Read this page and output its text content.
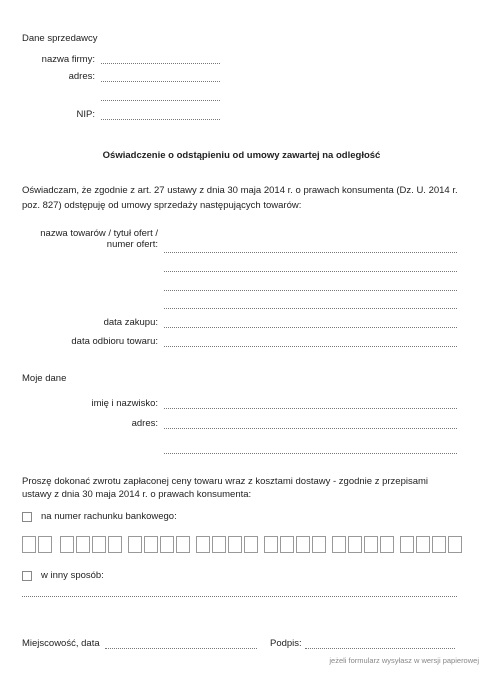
Dane sprzedawcy
nazwa firmy:
adres:
NIP:
Oświadczenie o odstąpieniu od umowy zawartej na odległość
Oświadczam, że zgodnie z art. 27 ustawy z dnia 30 maja 2014 r. o prawach konsumenta (Dz. U. 2014 r.
poz. 827) odstępuję od umowy sprzedaży następujących towarów:
nazwa towarów / tytuł ofert /
numer ofert:
data zakupu:
data odbioru towaru:
Moje dane
imię i nazwisko:
adres:
Proszę dokonać zwrotu zapłaconej ceny towaru wraz z kosztami dostawy - zgodnie z przepisami
ustawy z dnia 30 maja 2014 r. o prawach konsumenta:
na numer rachunku bankowego:
w inny sposób:
Miejscowość, data	Podpis:
jeżeli formularz wysyłasz w wersji papierowej
